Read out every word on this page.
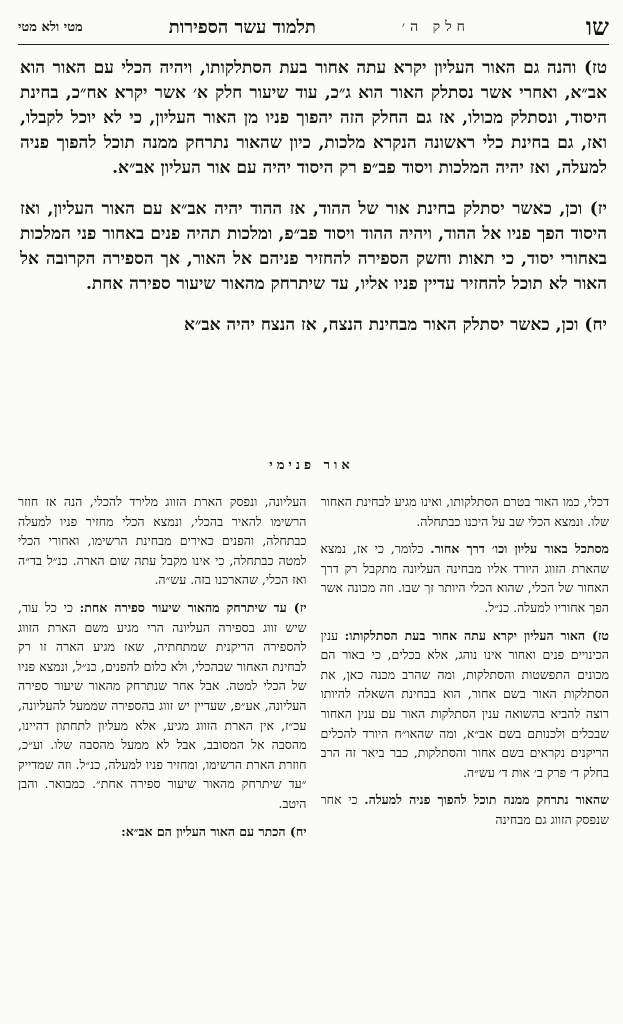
שו
חלק ה׳
תלמוד עשר הספירות
מטי ולא מטי

טז) והנה גם האור העליון יקרא עתה אחור בעת הסתלקותו, ויהיה הכלי עם האור הוא אב״א, ואחרי אשר נסתלק האור הוא ג״כ, עוד שיעור חלק א׳ אשר יקרא אח״כ, בחינת היסוד, ונסתלק מכולו, אז גם החלק הזה יהפוך פניו מן האור העליון, כי לא יוכל לקבלו, ואז, גם בחינת כלי ראשונה הנקרא מלכות, כיון שהאור נתרחק ממנה תוכל להפוך פניה למעלה, ואז יהיה המלכות ויסוד פב״פ רק היסוד יהיה עם אור העליון אב״א.

יז) וכן, כאשר יסתלק בחינת אור של ההוד, אז ההוד יהיה אב״א עם האור העליון, ואז היסוד הפך פניו אל ההוד, ויהיה ההוד ויסוד פב״פ, ומלכות תהיה פנים באחור פני המלכות באחורי יסוד, כי תאות וחשק הספירה להחזיר פניהם אל האור, אך הספירה הקרובה אל האור לא תוכל להחזיר עדיין פניו אליו, עד שיתרחק מהאור שיעור ספירה אחת.

יח) וכן, כאשר יסתלק האור מבחינת הנצח, אז הנצח יהיה אב״א

אור פנימי

דכלי, כמו האור בטרם הסתלקותו, ואינו מגיע לבחינת האחור שלו. ונמצא הכלי שב על היכנו כבתחלה.

מסתכל באור עליון וכו׳ דרך אחור. כלומר, כי אז, נמצא שהארת הזווג היורד אליו מבחינה העליונה מתקבל רק דרך האחור של הכלי, שהוא הכלי היותר זך שבו. וזה מכונה אשר הפך אחוריו למעלה. כנ״ל.

טז) האור העליון יקרא עתה אחור בעת הסתלקותו: ענין הכינויים פנים ואחור אינו נוהג, אלא בכלים, כי באור הם מכונים התפשטות והסתלקות, ומה שהרב מכנה כאן, את הסתלקות האור בשם אחור, הוא בבחינת השאלה להיותו רוצה להביא בהשואה ענין הסתלקות האור עם ענין האחור שבכלים ולכנותם בשם אב״א, ומה שהאו״ח היורד להכלים הריקנים נקראים בשם אחור והסתלקות, כבר ביאר זה הרב בחלק ד׳ פרק ב׳ אות ד׳ עש״ה.

שהאור נתרחק ממנה תוכל להפוך פניה למעלה. כי אחר שנפסק הזווג גם מבחינה

העליונה, ונפסק הארת הזווג מלירד להכלי, הנה אז חוזר הרשימו להאיר בהכלי, ונמצא הכלי מחזיר פניו למעלה כבתחלה, והפנים כאירים מבחינת הרשימו, ואחורי הכלי למטה כבתחלה, כי אינו מקבל עתה שום הארה. כנ״ל בד״ה ואז הכלי, שהארכנו בזה. עש״ה.

יז) עד שיתרחק מהאור שיעור ספירה אחת: כי כל עוד, שיש זווג בספירה העליונה הרי מגיע משם הארת הזווג להספירה הריקנית שמתחתיה, שאז מגיע הארה זו רק לבחינת האחור שבהכלי, ולא כלום להפנים, כנ״ל, ונמצא פניו של הכלי למטה. אבל אחר שנתרחק מהאור שיעור ספירה העליונה, אע״פ, שעדיין יש זווג בהספירה שממעל להעליונה, עכ״ז, אין הארת הזווג מגיע, אלא מעליון לתחתון דהיינו, מהסבה אל המסובב, אבל לא ממעל מהסבה שלו. וע״כ, חוזרת הארת הרשימו, ומחזיר פניו למעלה, כנ״ל. וזה שמדייק ״עד שיתרחק מהאור שיעור ספירה אחת״. כמבואר. והבן היטב.

יח) הכתר עם האור העליון הם אב״א:
